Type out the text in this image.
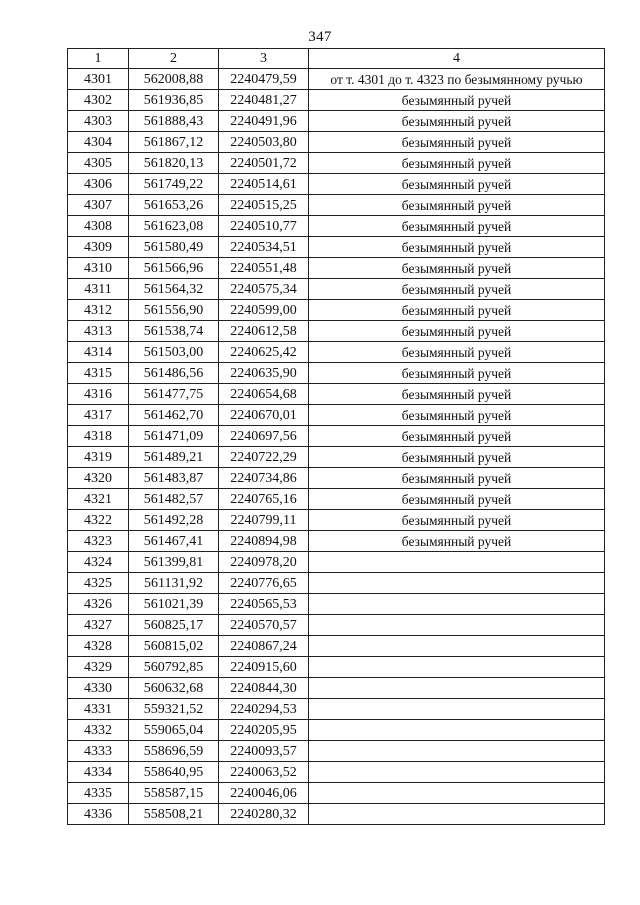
347
1	2	3	4
4301	562008,88	2240479,59	от т. 4301 до т. 4323 по безымянному ручью
4302	561936,85	2240481,27	безымянный ручей
4303	561888,43	2240491,96	безымянный ручей
4304	561867,12	2240503,80	безымянный ручей
4305	561820,13	2240501,72	безымянный ручей
4306	561749,22	2240514,61	безымянный ручей
4307	561653,26	2240515,25	безымянный ручей
4308	561623,08	2240510,77	безымянный ручей
4309	561580,49	2240534,51	безымянный ручей
4310	561566,96	2240551,48	безымянный ручей
4311	561564,32	2240575,34	безымянный ручей
4312	561556,90	2240599,00	безымянный ручей
4313	561538,74	2240612,58	безымянный ручей
4314	561503,00	2240625,42	безымянный ручей
4315	561486,56	2240635,90	безымянный ручей
4316	561477,75	2240654,68	безымянный ручей
4317	561462,70	2240670,01	безымянный ручей
4318	561471,09	2240697,56	безымянный ручей
4319	561489,21	2240722,29	безымянный ручей
4320	561483,87	2240734,86	безымянный ручей
4321	561482,57	2240765,16	безымянный ручей
4322	561492,28	2240799,11	безымянный ручей
4323	561467,41	2240894,98	безымянный ручей
4324	561399,81	2240978,20	
4325	561131,92	2240776,65	
4326	561021,39	2240565,53	
4327	560825,17	2240570,57	
4328	560815,02	2240867,24	
4329	560792,85	2240915,60	
4330	560632,68	2240844,30	
4331	559321,52	2240294,53	
4332	559065,04	2240205,95	
4333	558696,59	2240093,57	
4334	558640,95	2240063,52	
4335	558587,15	2240046,06	
4336	558508,21	2240280,32	
